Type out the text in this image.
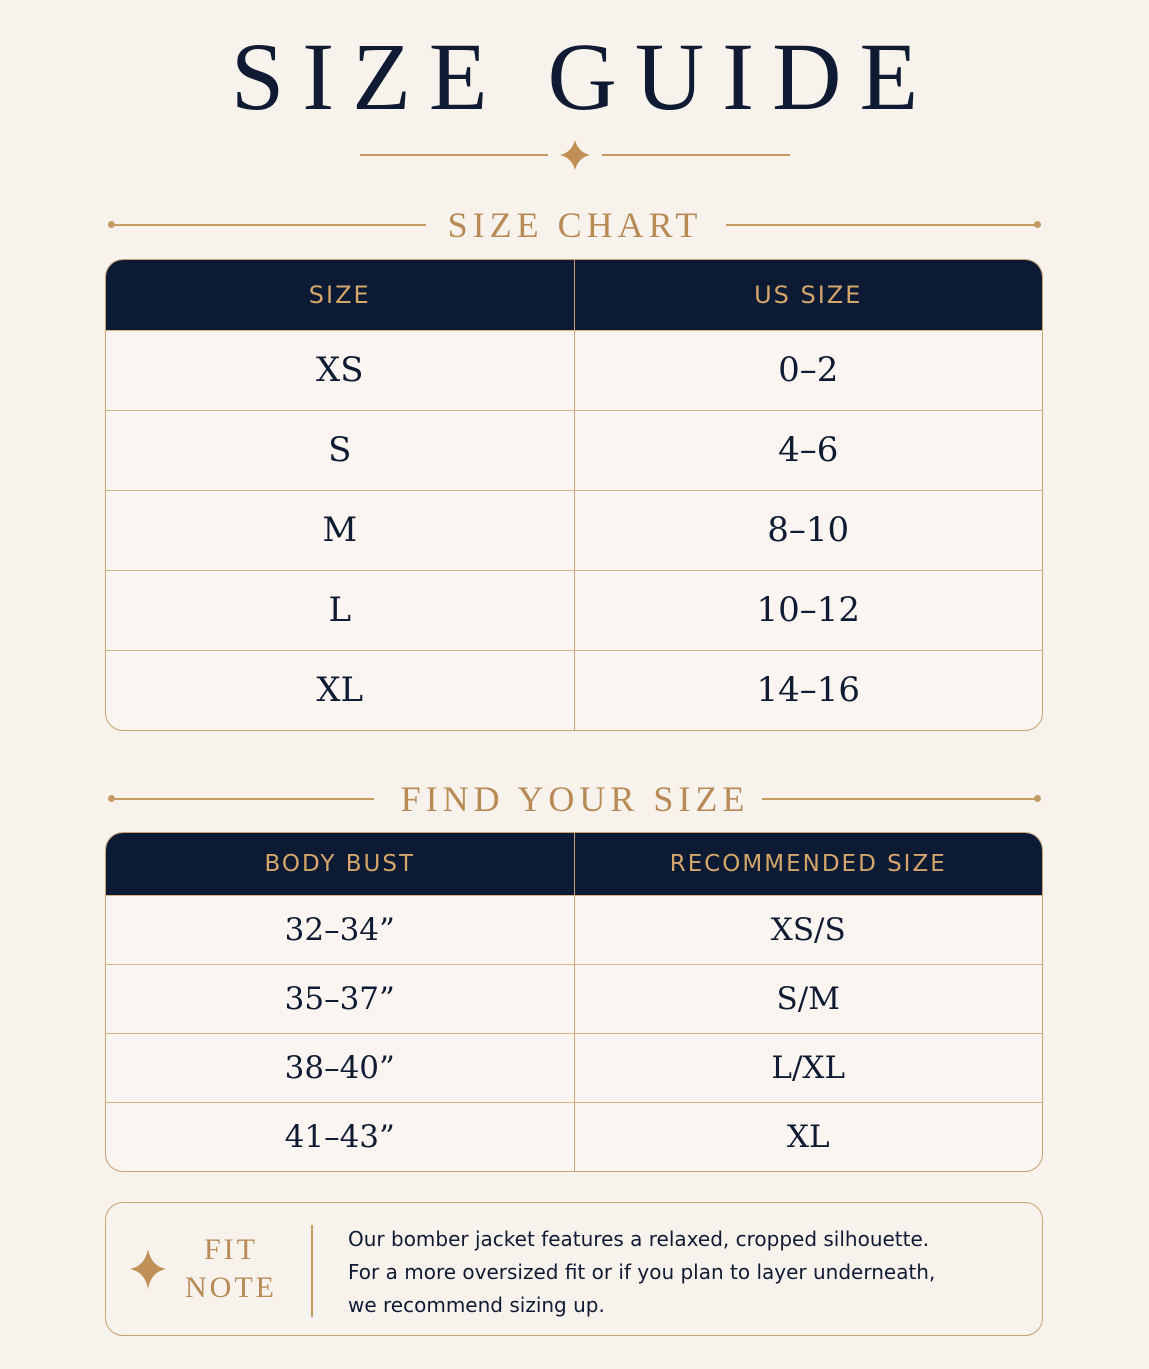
SIZE GUIDE
SIZE CHART
SIZE	US SIZE
XS	0–2
S	4–6
M	8–10
L	10–12
XL	14–16
FIND YOUR SIZE
BODY BUST	RECOMMENDED SIZE
32–34”	XS/S
35–37”	S/M
38–40”	L/XL
41–43”	XL
FIT
NOTE
Our bomber jacket features a relaxed, cropped silhouette.
For a more oversized fit or if you plan to layer underneath,
we recommend sizing up.
